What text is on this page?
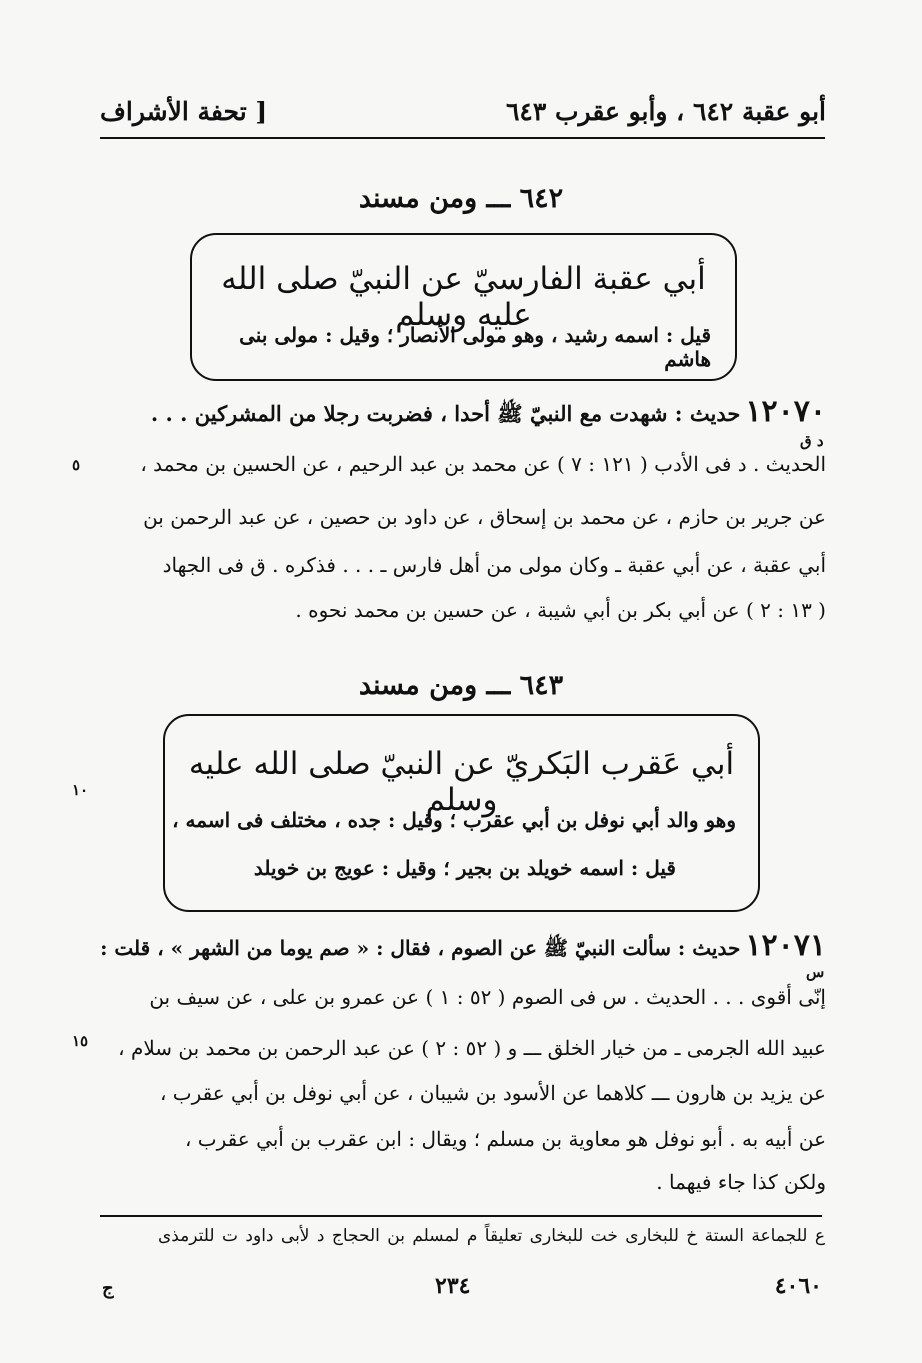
أبو عقبة ٦٤٢ ، وأبو عقرب ٦٤٣
[ تحفة الأشراف
٦٤٢ ـــ ومن مسند
أبي عقبة الفارسيّ عن النبيّ صلى الله عليه وسلم
قيل : اسمه رشيد ، وهو مولى الأنصار ؛ وقيل : مولى بنى هاشم
١٢٠٧٠ حديث : شهدت مع النبيّ ﷺ أحدا ، فضربت رجلا من المشركين . . .
الحديث . د فى الأدب ( ١٢١ : ٧ ) عن محمد بن عبد الرحيم ، عن الحسين بن محمد ،
عن جرير بن حازم ، عن محمد بن إسحاق ، عن داود بن حصين ، عن عبد الرحمن بن
أبي عقبة ، عن أبي عقبة ـ وكان مولى من أهل فارس ـ . . . فذكره . ق فى الجهاد
( ١٣ : ٢ ) عن أبي بكر بن أبي شيبة ، عن حسين بن محمد نحوه .
د ق
٥
٦٤٣ ـــ ومن مسند
أبي عَقرب البَكريّ عن النبيّ صلى الله عليه وسلم
وهو والد أبي نوفل بن أبي عقرب ؛ وقيل : جده ، مختلف فى اسمه ،
قيل : اسمه خويلد بن بجير ؛ وقيل : عويج بن خويلد
١٠
١٢٠٧١ حديث : سألت النبيّ ﷺ عن الصوم ، فقال : « صم يوما من الشهر » ، قلت :
إنّى أقوى . . . الحديث . س فى الصوم ( ٥٢ : ١ ) عن عمرو بن على ، عن سيف بن
عبيد الله الجرمى ـ من خيار الخلق ـــ و ( ٥٢ : ٢ ) عن عبد الرحمن بن محمد بن سلام ،
عن يزيد بن هارون ـــ كلاهما عن الأسود بن شيبان ، عن أبي نوفل بن أبي عقرب ،
عن أبيه به . أبو نوفل هو معاوية بن مسلم ؛ ويقال : ابن عقرب بن أبي عقرب ،
ولكن كذا جاء فيهما .
س
١٥
ع للجماعة الستة خ للبخارى خت للبخارى تعليقاً م لمسلم بن الحجاج د لأبى داود ت للترمذى
٤٠٦٠
٢٣٤
ج
